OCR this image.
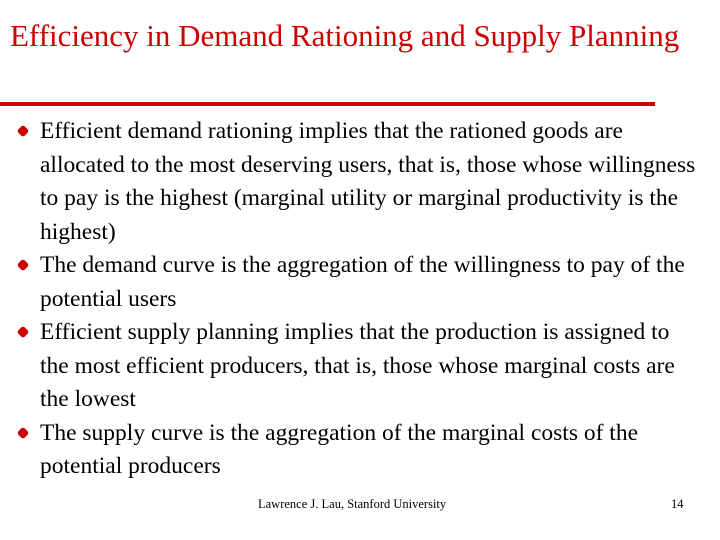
Efficiency in Demand Rationing and Supply Planning
Efficient demand rationing implies that the rationed goods are allocated to the most deserving users, that is, those whose willingness to pay is the highest (marginal utility or marginal productivity is the highest)
The demand curve is the aggregation of the willingness to pay of the potential users
Efficient supply planning implies that the production is assigned to the most efficient producers, that is, those whose marginal costs are the lowest
The supply curve is the aggregation of the marginal costs of the potential producers
Lawrence J. Lau, Stanford University	14
